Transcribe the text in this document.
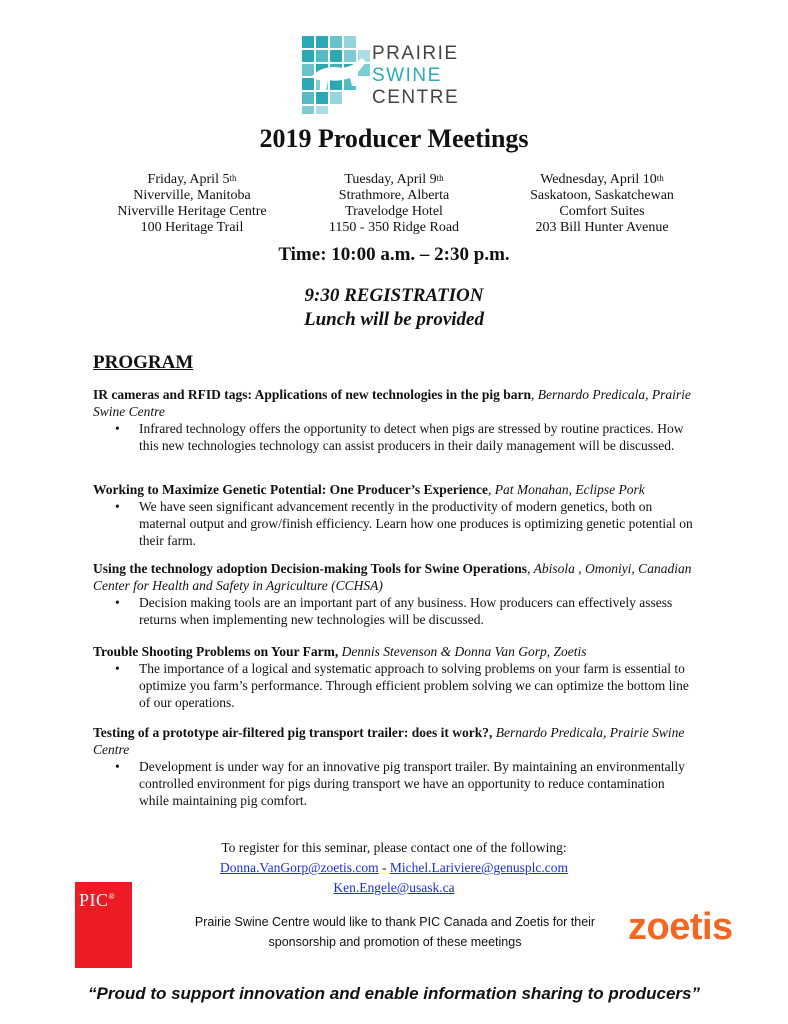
PRAIRIE
SWINE
CENTRE
2019 Producer Meetings
Friday, April 5th
Niverville, Manitoba
Niverville Heritage Centre
100 Heritage Trail
Tuesday, April 9th
Strathmore, Alberta
Travelodge Hotel
1150 - 350 Ridge Road
Wednesday, April 10th
Saskatoon, Saskatchewan
Comfort Suites
203 Bill Hunter Avenue
Time: 10:00 a.m. – 2:30 p.m.
9:30 REGISTRATION
Lunch will be provided
PROGRAM
IR cameras and RFID tags: Applications of new technologies in the pig barn, Bernardo Predicala, Prairie Swine Centre
• Infrared technology offers the opportunity to detect when pigs are stressed by routine practices. How this new technologies technology can assist producers in their daily management will be discussed.
Working to Maximize Genetic Potential: One Producer’s Experience, Pat Monahan, Eclipse Pork
• We have seen significant advancement recently in the productivity of modern genetics, both on maternal output and grow/finish efficiency. Learn how one produces is optimizing genetic potential on their farm.
Using the technology adoption Decision-making Tools for Swine Operations, Abisola , Omoniyi, Canadian Center for Health and Safety in Agriculture (CCHSA)
• Decision making tools are an important part of any business. How producers can effectively assess returns when implementing new technologies will be discussed.
Trouble Shooting Problems on Your Farm, Dennis Stevenson & Donna Van Gorp, Zoetis
• The importance of a logical and systematic approach to solving problems on your farm is essential to optimize you farm’s performance. Through efficient problem solving we can optimize the bottom line of our operations.
Testing of a prototype air-filtered pig transport trailer: does it work?, Bernardo Predicala, Prairie Swine Centre
• Development is under way for an innovative pig transport trailer. By maintaining an environmentally controlled environment for pigs during transport we have an opportunity to reduce contamination while maintaining pig comfort.
To register for this seminar, please contact one of the following:
Donna.VanGorp@zoetis.com - Michel.Lariviere@genusplc.com
Ken.Engele@usask.ca
PIC®
Prairie Swine Centre would like to thank PIC Canada and Zoetis for their
sponsorship and promotion of these meetings	zoetis
“Proud to support innovation and enable information sharing to producers”
